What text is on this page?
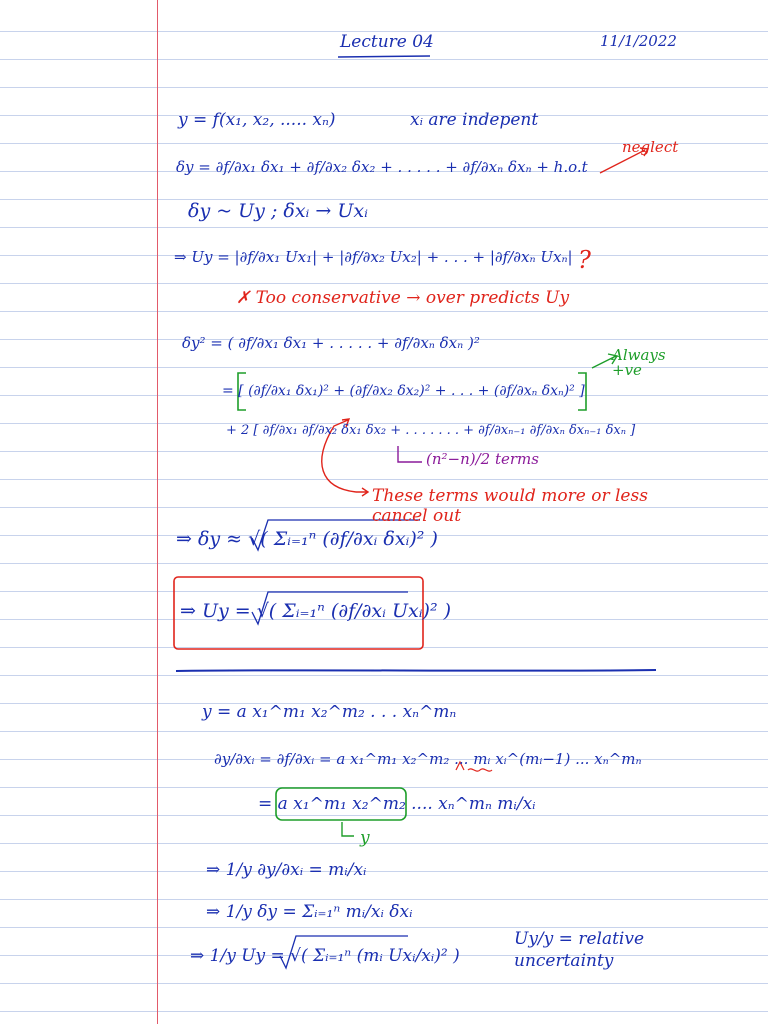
Lecture 04	11/1/2022
y = f(x₁, x₂, ..... xₙ)	xᵢ are indepent
δy = ∂f/∂x₁ δx₁ + ∂f/∂x₂ δx₂ + . . . . . + ∂f/∂xₙ δxₙ + h.o.t
neglect
δy ~ Uy ; δxᵢ → Uxᵢ
⇒ Uy = |∂f/∂x₁ Ux₁| + |∂f/∂x₂ Ux₂| + . . . + |∂f/∂xₙ Uxₙ| ?
✗ Too conservative → over predicts Uy
δy² = ( ∂f/∂x₁ δx₁ + . . . . . + ∂f/∂xₙ δxₙ )²
= [ (∂f/∂x₁ δx₁)² + (∂f/∂x₂ δx₂)² + . . . + (∂f/∂xₙ δxₙ)² ]
Always +ve
+ 2 [ ∂f/∂x₁ ∂f/∂x₂ δx₁ δx₂ + . . . . . . . + ∂f/∂xₙ₋₁ ∂f/∂xₙ δxₙ₋₁ δxₙ ]
(n²−n)/2 terms
These terms would more or less cancel out
⇒ δy ≈ √( Σᵢ₌₁ⁿ (∂f/∂xᵢ δxᵢ)² )
⇒ Uy = √( Σᵢ₌₁ⁿ (∂f/∂xᵢ Uxᵢ)² )
y = a x₁^m₁ x₂^m₂ . . . xₙ^mₙ
∂y/∂xᵢ = ∂f/∂xᵢ = a x₁^m₁ x₂^m₂ ... mᵢ xᵢ^(mᵢ−1) ... xₙ^mₙ
= a x₁^m₁ x₂^m₂ .... xₙ^mₙ mᵢ/xᵢ
y
⇒ 1/y ∂y/∂xᵢ = mᵢ/xᵢ
⇒ 1/y δy = Σᵢ₌₁ⁿ mᵢ/xᵢ δxᵢ
⇒ 1/y Uy = √( Σᵢ₌₁ⁿ (mᵢ Uxᵢ/xᵢ)² )
Uy/y = relative uncertainty
